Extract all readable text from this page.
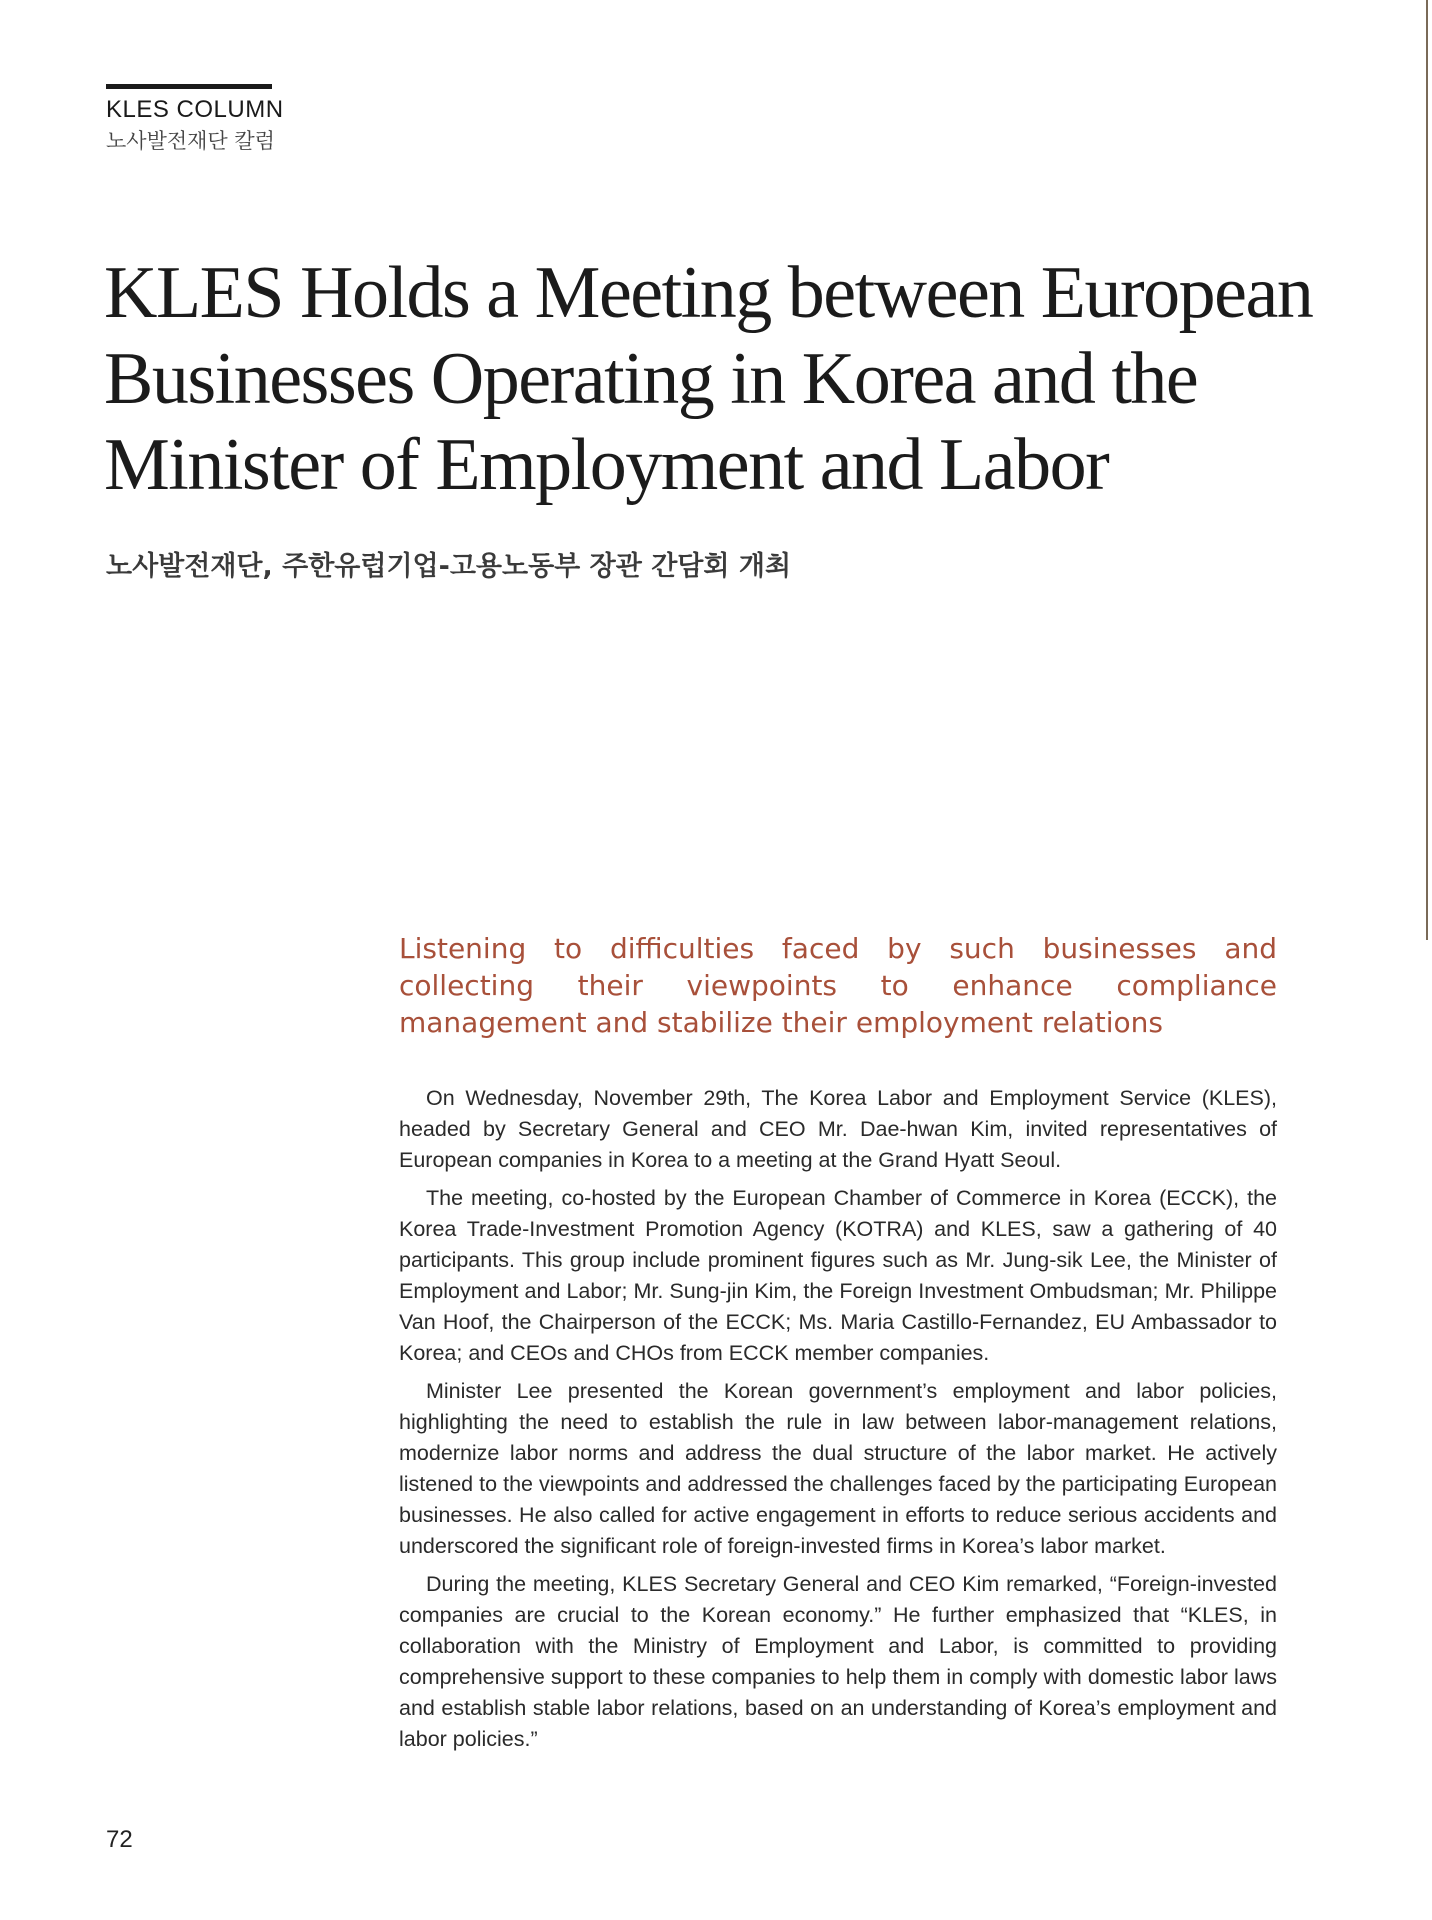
KLES COLUMN
노사발전재단 칼럼
KLES Holds a Meeting between European Businesses Operating in Korea and the Minister of Employment and Labor
노사발전재단, 주한유럽기업-고용노동부 장관 간담회 개최

Listening to difficulties faced by such businesses and collecting their viewpoints to enhance compliance management and stabilize their employment relations

On Wednesday, November 29th, The Korea Labor and Employment Service (KLES), headed by Secretary General and CEO Mr. Dae-hwan Kim, invited representatives of European companies in Korea to a meeting at the Grand Hyatt Seoul.

The meeting, co-hosted by the European Chamber of Commerce in Korea (ECCK), the Korea Trade-Investment Promotion Agency (KOTRA) and KLES, saw a gathering of 40 participants. This group include prominent figures such as Mr. Jung-sik Lee, the Minister of Employment and Labor; Mr. Sung-jin Kim, the Foreign Investment Ombudsman; Mr. Philippe Van Hoof, the Chairperson of the ECCK; Ms. Maria Castillo-Fernandez, EU Ambassador to Korea; and CEOs and CHOs from ECCK member companies.

Minister Lee presented the Korean government’s employment and labor policies, highlighting the need to establish the rule in law between labor-management relations, modernize labor norms and address the dual structure of the labor market. He actively listened to the viewpoints and addressed the challenges faced by the participating European businesses. He also called for active engagement in efforts to reduce serious accidents and underscored the significant role of foreign-invested firms in Korea’s labor market.

During the meeting, KLES Secretary General and CEO Kim remarked, “Foreign-invested companies are crucial to the Korean economy.” He further emphasized that “KLES, in collaboration with the Ministry of Employment and Labor, is committed to providing comprehensive support to these companies to help them in comply with domestic labor laws and establish stable labor relations, based on an understanding of Korea’s employment and labor policies.”

72
